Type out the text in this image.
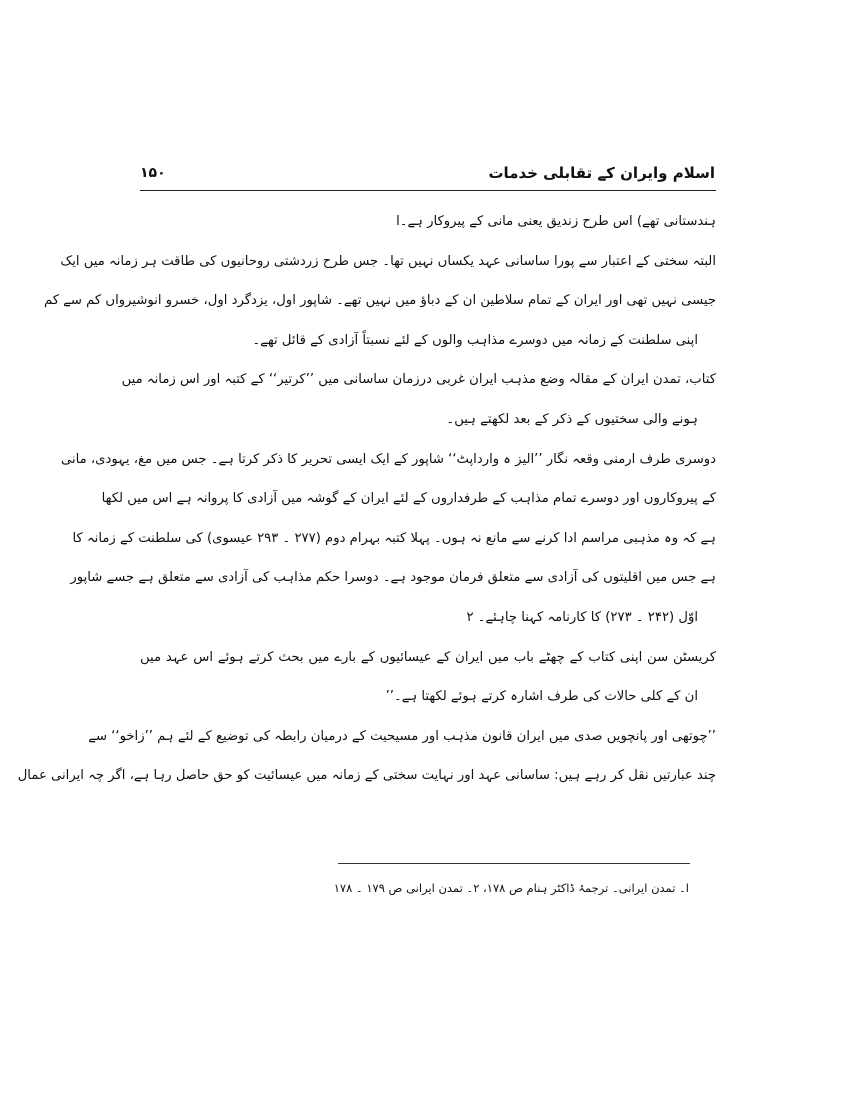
اسلام وایران کے تقابلی خدمات
۱۵۰
ہندستانی تھے) اس طرح زندیق یعنی مانی کے پیروکار ہے۔ا
البتہ سختی کے اعتبار سے پورا ساسانی عہد یکساں نہیں تھا۔ جس طرح زردشتی روحانیوں کی طاقت ہر زمانہ میں ایک
جیسی نہیں تھی اور ایران کے تمام سلاطین ان کے دباؤ میں نہیں تھے۔ شاپور اول، یزدگرد اول، خسرو انوشیرواں کم سے کم
اپنی سلطنت کے زمانہ میں دوسرے مذاہب والوں کے لئے نسبتاً آزادی کے قائل تھے۔
کتاب، تمدن ایران کے مقالہ وضع مذہب ایران غربی درزمان ساسانی میں ’’کرتیر‘‘ کے کتبہ اور اس زمانہ میں
ہونے والی سختیوں کے ذکر کے بعد لکھتے ہیں۔
دوسری طرف ارمنی وقعہ نگار ’’الیز ہ وارداپٹ‘‘ شاپور کے ایک ایسی تحریر کا ذکر کرتا ہے۔ جس میں مغ، یہودی، مانی
کے پیروکاروں اور دوسرے تمام مذاہب کے طرفداروں کے لئے ایران کے گوشہ میں آزادی کا پروانہ ہے اس میں لکھا
ہے کہ وہ مذہبی مراسم ادا کرنے سے مانع نہ ہوں۔ پہلا کتبہ بہرام دوم (۲۷۷ ۔ ۲۹۳ عیسوی) کی سلطنت کے زمانہ کا
ہے جس میں اقلیتوں کی آزادی سے متعلق فرمان موجود ہے۔ دوسرا حکم مذاہب کی آزادی سے متعلق ہے جسے شاپور
اوّل (۲۴۲ ۔ ۲۷۳) کا کارنامہ کہنا چاہئے۔ ۲
کریسٹن سن اپنی کتاب کے چھٹے باب میں ایران کے عیسائیوں کے بارے میں بحث کرتے ہوئے اس عہد میں
ان کے کلی حالات کی طرف اشارہ کرتے ہوئے لکھتا ہے۔’’
’’چوتھی اور پانچویں صدی میں ایران قانون مذہب اور مسیحیت کے درمیان رابطہ کی توضیع کے لئے ہم ’’زاخو‘‘ سے
چند عبارتیں نقل کر رہے ہیں: ساسانی عہد اور نہایت سختی کے زمانہ میں عیسائیت کو حق حاصل رہا ہے، اگر چہ ایرانی عمال
ا۔ تمدن ایرانی۔ ترجمۂ ڈاکٹر ہنام ص ۱۷۸، ۲۔ تمدن ایرانی ص ۱۷۹ ۔ ۱۷۸
